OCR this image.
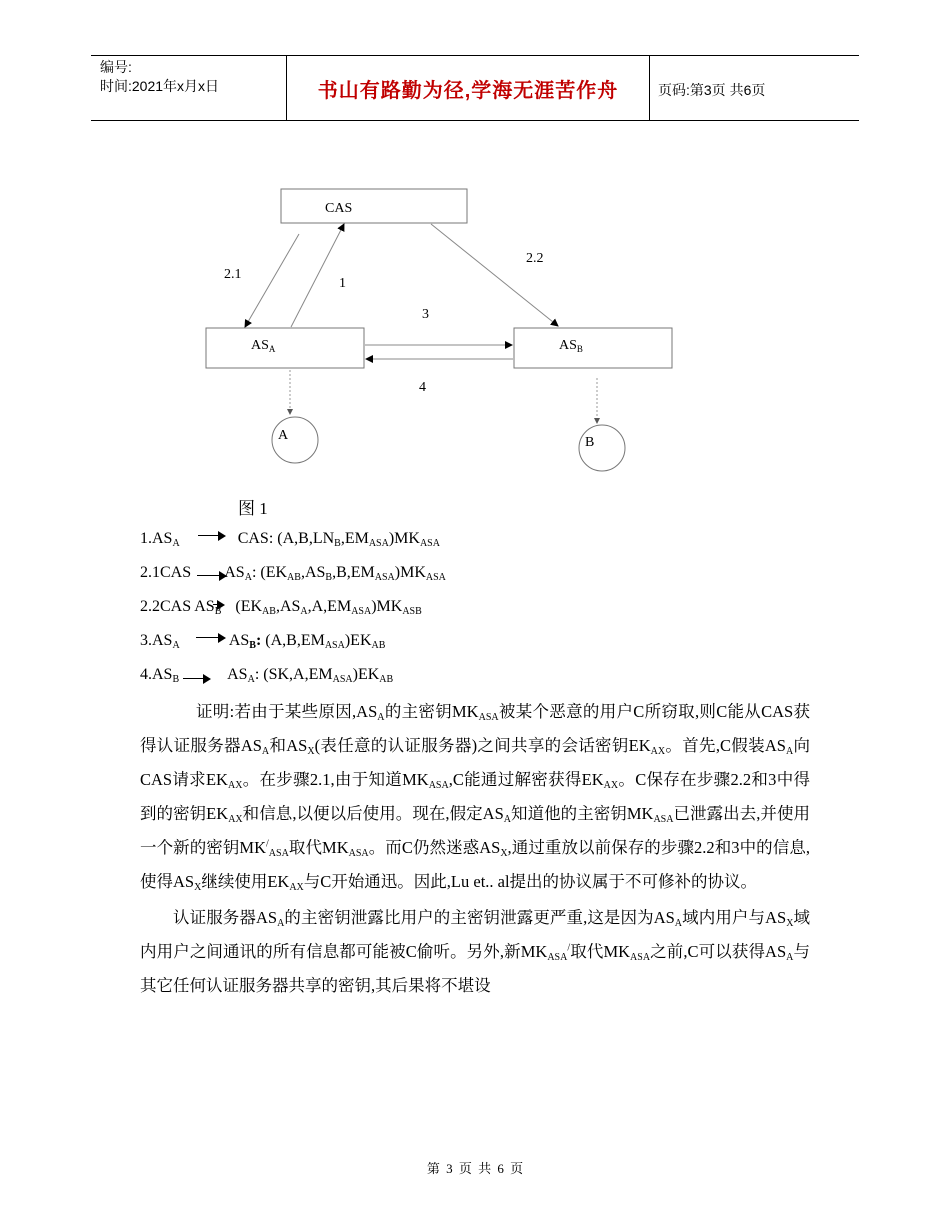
编号:
时间:2021年x月x日	书山有路勤为径,学海无涯苦作舟	页码:第3页 共6页
CAS
$AS_A$	$AS_B$
2.1
1
2.2
3
4
A	B
图 1
$1.AS_A$	CAS: $(A,B,LN_B,EM_{ASA})MK_{ASA}$
2.1CAS $AS_A$: $(EK_{AB},AS_B,B,EM_{ASA})MK_{ASA}$
2.2CAS $AS_B$ $(EK_{AB},AS_A,A,EM_{ASA})MK_{ASB}$
$3.AS_A$	$AS_B$: $(A,B,EM_{ASA})EK_{AB}$
$4.AS_B$	$AS_A$: $(SK,A,EM_{ASA})EK_{AB}$

证明:若由于某些原因$,AS_A$的主密钥$MK_{ASA}$被某个恶意的用户C所窃取,则C能从CAS获得认证服务器$AS_A$和$AS_X$(表任意的认证服务器)之间共享的会话密钥$EK_{AX}$。首先,C假装$AS_A$向CAS请求$EK_{AX}$。在步骤2.1,由于知道$MK_{ASA},C$能通过解密获得$EK_{AX}$。C保存在步骤2.2和3中得到的密钥$EK_{AX}$和信息,以便以后使用。现在,假定$AS_A$知道他的主密钥$MK_{ASA}$已泄露出去,并使用一个新的密钥$MK^/_{ASA}$取代$MK_{ASA}$。而C仍然迷惑$AS_X$,通过重放以前保存的步骤2.2和3中的信息,使得$AS_X$继续使用$EK_{AX}$与C开始通迅。因此,Lu et.. al提出的协议属于不可修补的协议。

认证服务器$AS_A$的主密钥泄露比用户的主密钥泄露更严重,这是因为$AS_A$域内用户与$AS_X$域内用户之间通讯的所有信息都可能被C偷听。另外,新$MK_{ASA}^/$取代$MK_{ASA}$之前,C可以获得$AS_A$与其它任何认证服务器共享的密钥,其后果将不堪设

第 3 页 共 6 页
